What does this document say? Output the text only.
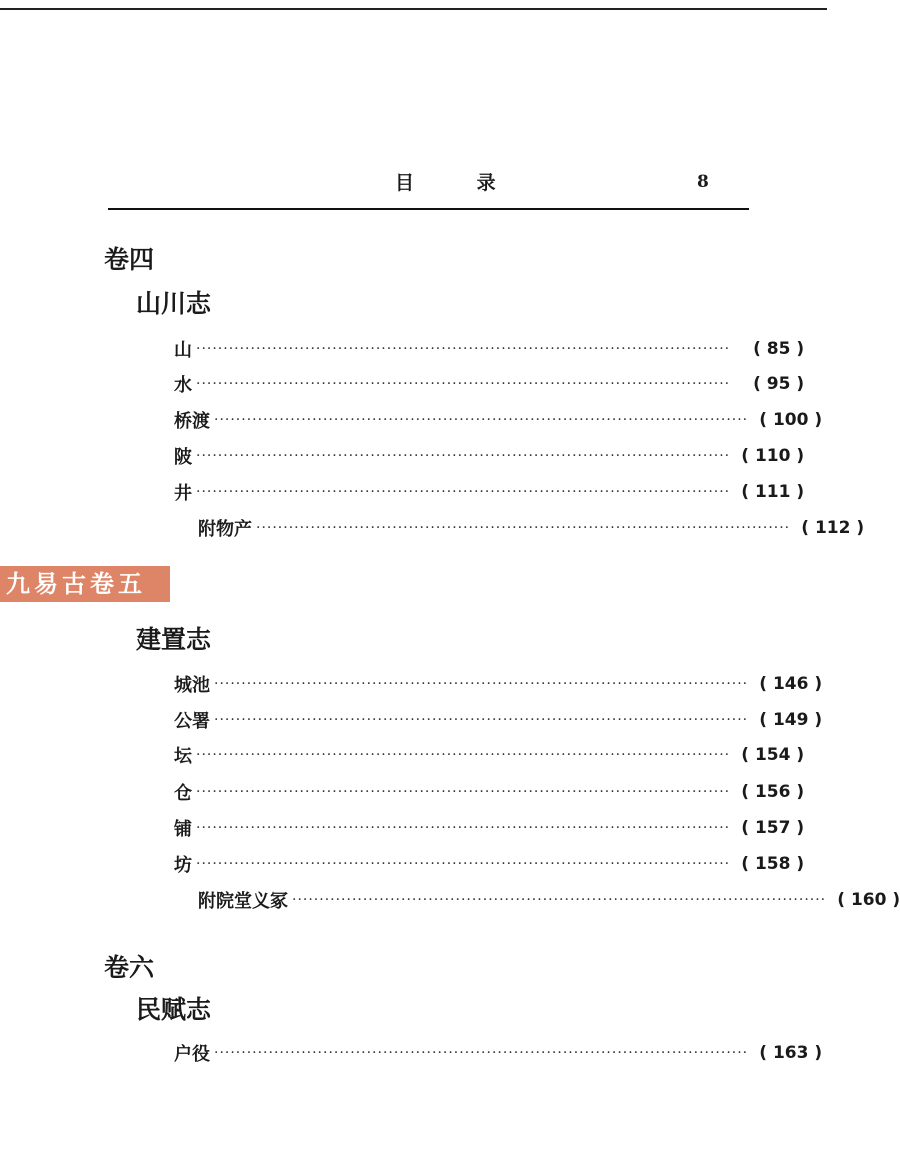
目 录	8
卷四
山川志
山 ··································································································	( 85 )
水 ··································································································	( 95 )
桥渡 ·································································································· ( 100 )
陂 ·································································································· ( 110 )
井 ·································································································· ( 111 )
附物产 ·································································································· ( 112 )
九易古卷五
建置志
城池 ·································································································· ( 146 )
公署 ·································································································· ( 149 )
坛 ·································································································· ( 154 )
仓 ·································································································· ( 156 )
铺 ·································································································· ( 157 )
坊 ·································································································· ( 158 )
附院堂义冢 ·································································································· ( 160 )
卷六
民赋志
户役 ·································································································· ( 163 )
